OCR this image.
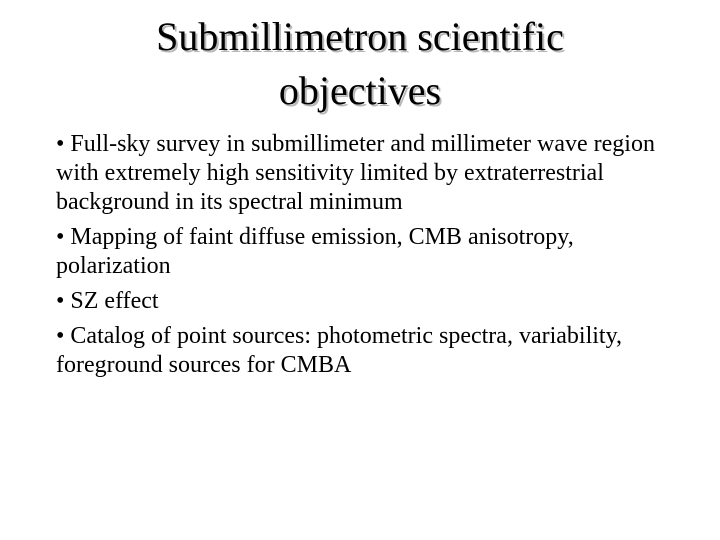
Submillimetron scientific
objectives
• Full-sky survey in submillimeter and millimeter wave region with extremely high sensitivity limited by extraterrestrial background in its spectral minimum
• Mapping of faint diffuse emission, CMB anisotropy, polarization
• SZ effect
• Catalog of point sources: photometric spectra, variability, foreground sources for CMBA
